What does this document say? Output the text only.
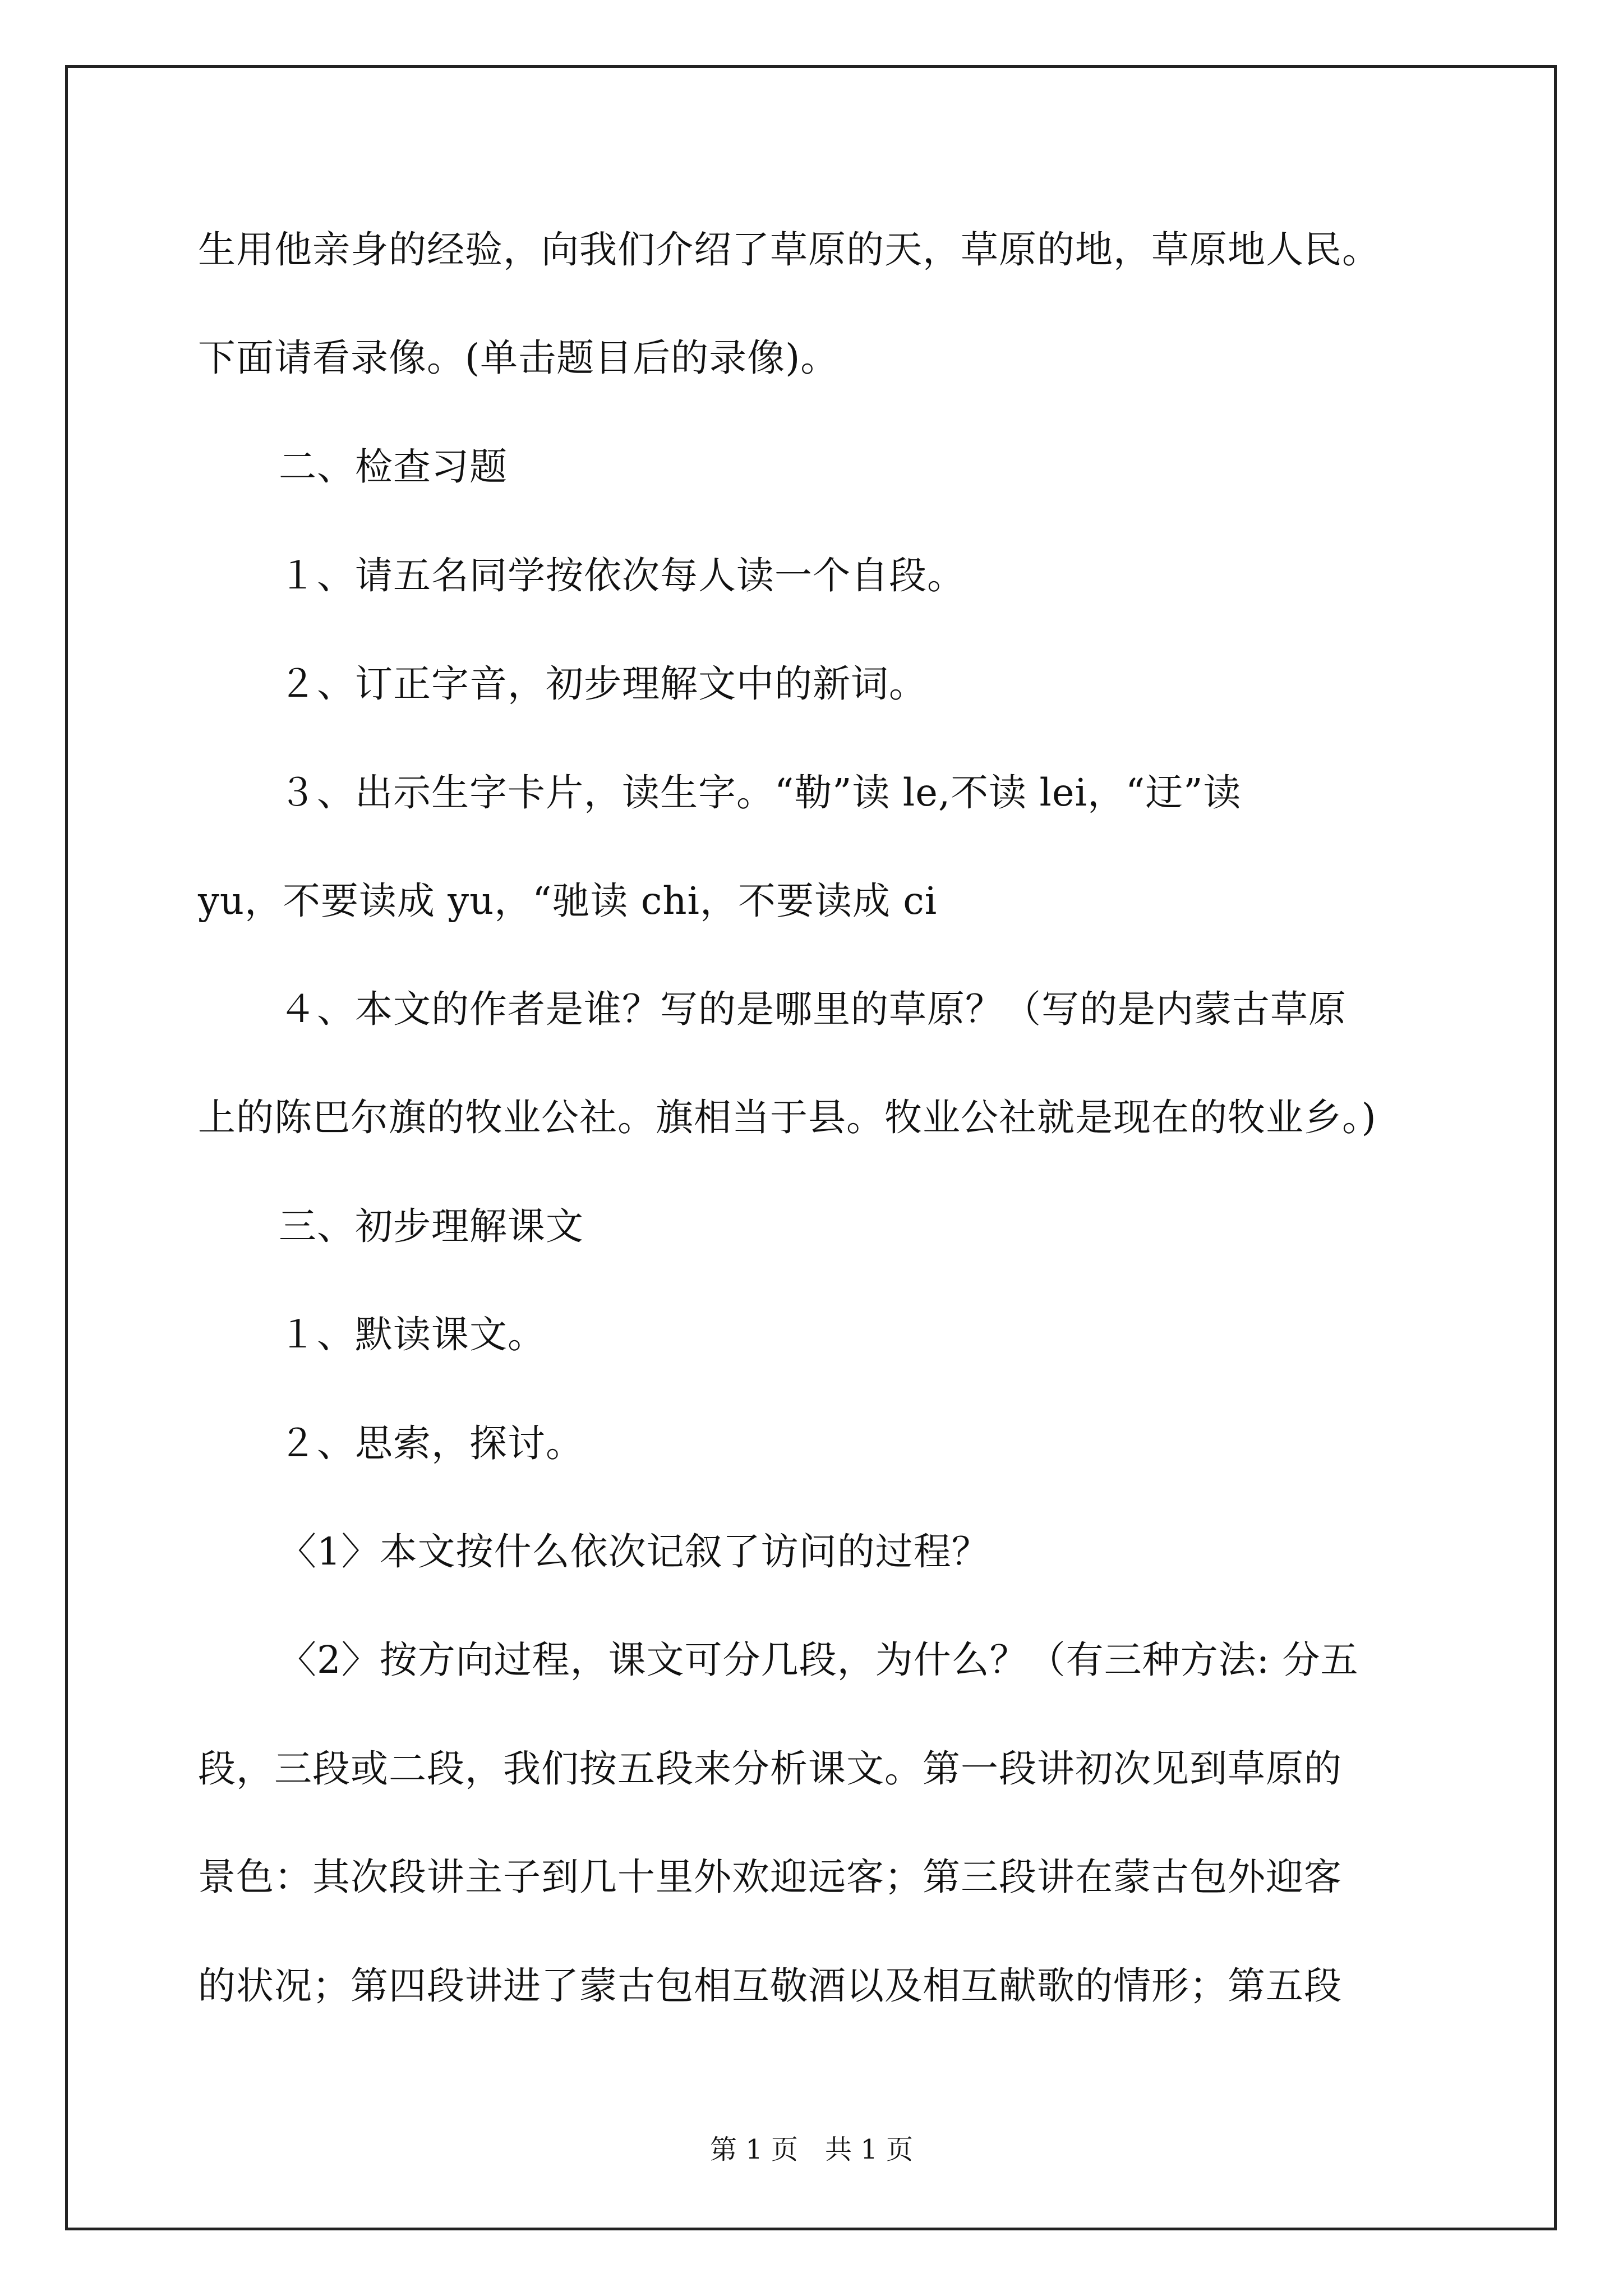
生用他亲身的经验，向我们介绍了草原的天，草原的地，草原地人民。
下面请看录像。(单击题目后的录像)。
二、检查习题
１、请五名同学按依次每人读一个自段。
２、订正字音，初步理解文中的新词。
３、出示生字卡片，读生字。“勒”读 le,不读 lei，“迂”读
yu，不要读成 yu，“驰读 chi，不要读成 ci
４、本文的作者是谁？写的是哪里的草原？（写的是内蒙古草原
上的陈巴尔旗的牧业公社。旗相当于县。牧业公社就是现在的牧业乡。)
三、初步理解课文
１、默读课文。
２、思索，探讨。
〈1〉本文按什么依次记叙了访问的过程？
〈2〉按方向过程，课文可分几段，为什么？（有三种方法: 分五
段，三段或二段，我们按五段来分析课文。第一段讲初次见到草原的
景色：其次段讲主子到几十里外欢迎远客；第三段讲在蒙古包外迎客
的状况；第四段讲进了蒙古包相互敬酒以及相互献歌的情形；第五段
第 1 页　共 1 页
